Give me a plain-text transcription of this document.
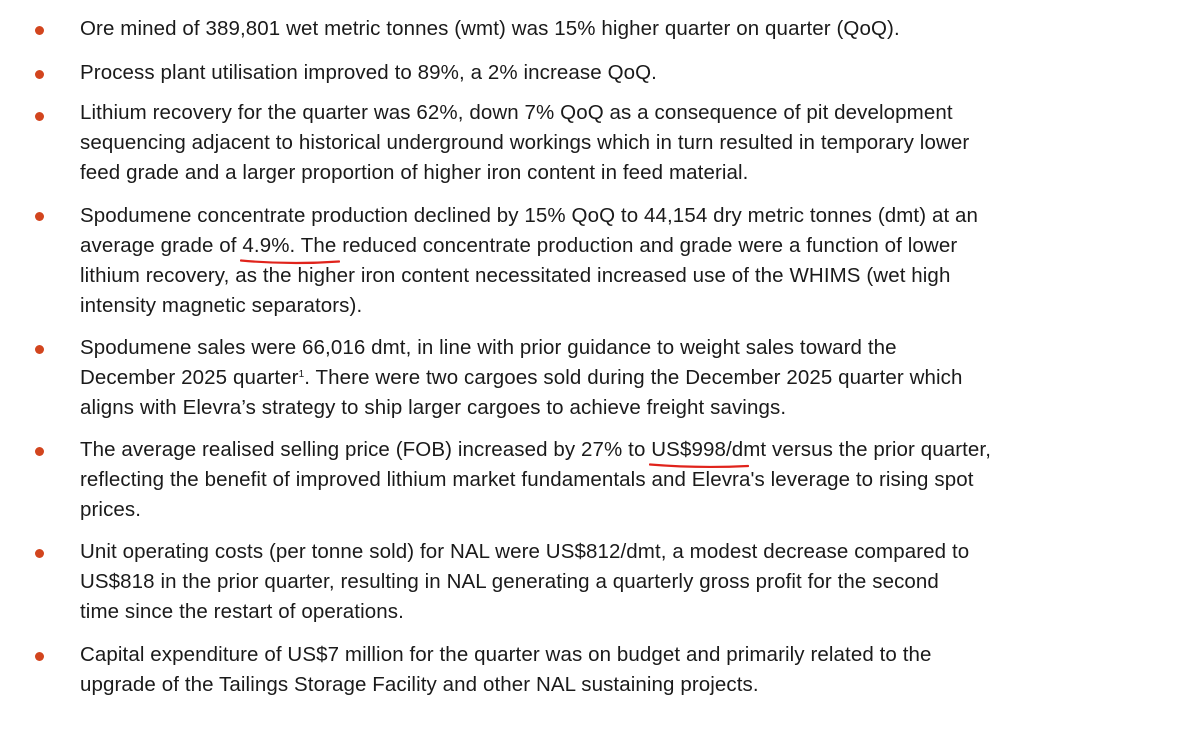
Ore mined of 389,801 wet metric tonnes (wmt) was 15% higher quarter on quarter (QoQ).
Process plant utilisation improved to 89%, a 2% increase QoQ.
Lithium recovery for the quarter was 62%, down 7% QoQ as a consequence of pit development
sequencing adjacent to historical underground workings which in turn resulted in temporary lower
feed grade and a larger proportion of higher iron content in feed material.
Spodumene concentrate production declined by 15% QoQ to 44,154 dry metric tonnes (dmt) at an
average grade of 4.9%
. The reduced concentrate production and grade were a function of lower
lithium recovery, as the higher iron content necessitated increased use of the WHIMS (wet high
intensity magnetic separators).
Spodumene sales were 66,016 dmt, in line with prior guidance to weight sales toward the
December 2025 quarter$^1$. There were two cargoes sold during the December 2025 quarter which
aligns with Elevra’s strategy to ship larger cargoes to achieve freight savings.
The average realised selling price (FOB) increased by 27% to US$998/
dmt versus the prior quarter,
reflecting the benefit of improved lithium market fundamentals and Elevra's leverage to rising spot
prices.
Unit operating costs (per tonne sold) for NAL were US$812/dmt, a modest decrease compared to
US$818 in the prior quarter, resulting in NAL generating a quarterly gross profit for the second
time since the restart of operations.
Capital expenditure of US$7 million for the quarter was on budget and primarily related to the
upgrade of the Tailings Storage Facility and other NAL sustaining projects.
